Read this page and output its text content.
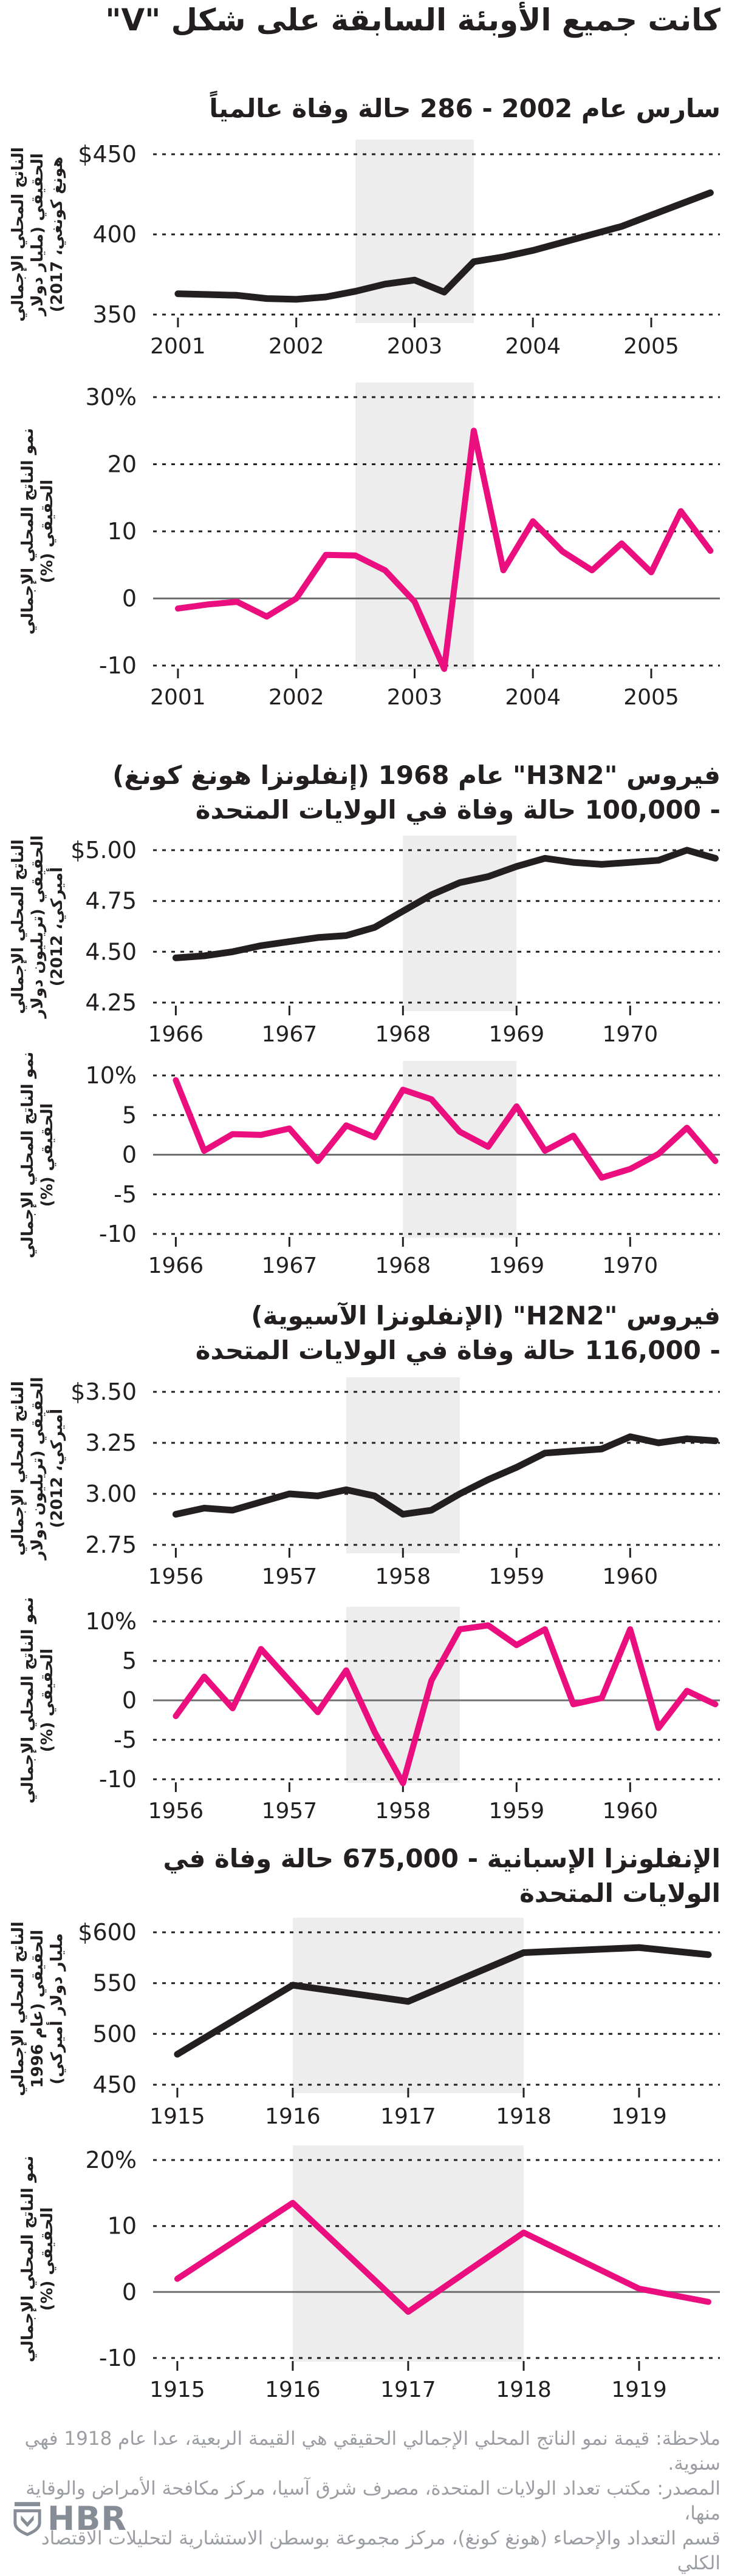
كانت جميع الأوبئة السابقة على شكل "V"
سارس عام 2002 - 286 حالة وفاة عالمياً
فيروس "H3N2" عام 1968 (إنفلونزا هونغ كونغ)
- 100,000 حالة وفاة في الولايات المتحدة
فيروس "H2N2" (الإنفلونزا الآسيوية)
- 116,000 حالة وفاة في الولايات المتحدة
الإنفلونزا الإسبانية - 675,000 حالة وفاة في
الولايات المتحدة
الناتج المحلي الإجمالي الحقيقي (مليار دولار هونغ كونغي، 2017)
$450
400
350
2001	2002	2003	2004	2005
نمو الناتج المحلي الإجمالي الحقيقي (%)
30%
20
10
0
-10
2001	2002	2003	2004	2005
الناتج المحلي الإجمالي الحقيقي (تريليون دولار أميركي، 2012)
$5.00
4.75
4.50
4.25
1966	1967	1968	1969	1970
نمو الناتج المحلي الإجمالي الحقيقي (%)
10%
5
0
-5
-10
1966	1967	1968	1969	1970
الناتج المحلي الإجمالي الحقيقي (تريليون دولار أميركي، 2012)
$3.50
3.25
3.00
2.75
1956	1957	1958	1959	1960
نمو الناتج المحلي الإجمالي الحقيقي (%)
10%
5
0
-5
-10
1956	1957	1958	1959	1960
الناتج المحلي الإجمالي الحقيقي (عام 1996 مليار دولار أميركي)
$600
550
500
450
1915	1916	1917	1918	1919
نمو الناتج المحلي الإجمالي الحقيقي (%)
20%
10
0
-10
1915	1916	1917	1918	1919
ملاحظة: قيمة نمو الناتج المحلي الإجمالي الحقيقي هي القيمة الربعية، عدا عام 1918 فهي سنوية.
المصدر: مكتب تعداد الولايات المتحدة، مصرف شرق آسيا، مركز مكافحة الأمراض والوقاية منها،
قسم التعداد والإحصاء (هونغ كونغ)، مركز مجموعة بوسطن الاستشارية لتحليلات الاقتصاد الكلي
HBR
